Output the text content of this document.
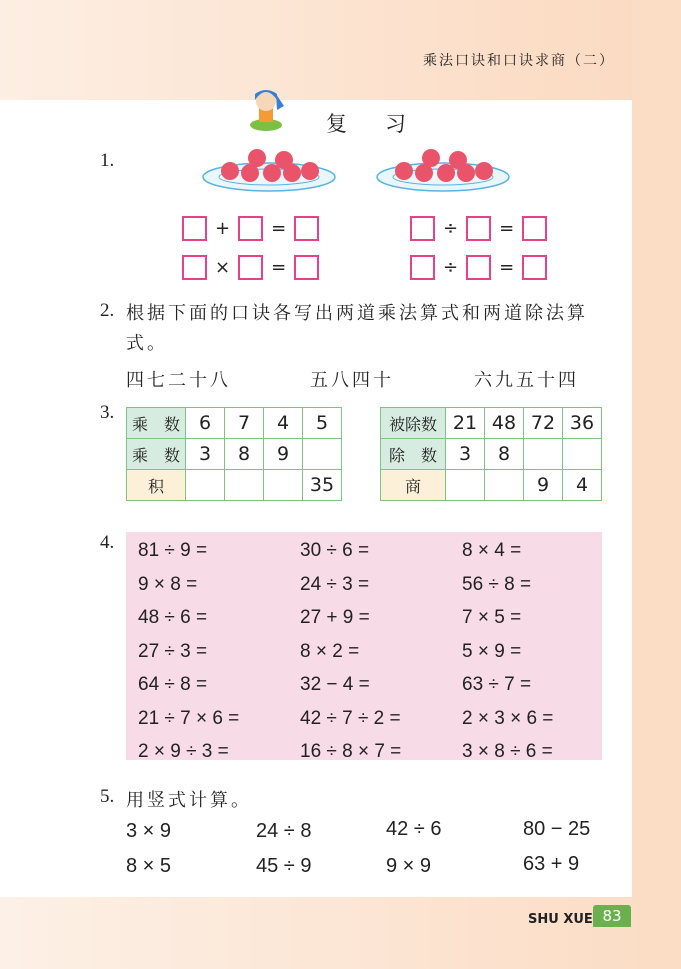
乘法口诀和口诀求商（二）
复习
1.
+ =
× =
÷ =
÷ =
2. 根据下面的口诀各写出两道乘法算式和两道除法算式。
四七二十八	五八四十	六九五十四
3.
乘　数	6	7	4	5
乘　数	3	8	9	
积				35
被除数	21	48	72	36
除　数	3	8		
商			9	4
4. 81 ÷ 9 =	30 ÷ 6 =	8 × 4 =
9 × 8 =	24 ÷ 3 =	56 ÷ 8 =
48 ÷ 6 =	27 + 9 =	7 × 5 =
27 ÷ 3 =	8 × 2 =	5 × 9 =
64 ÷ 8 =	32 − 4 =	63 ÷ 7 =
21 ÷ 7 × 6 =	42 ÷ 7 ÷ 2 =	2 × 3 × 6 =
2 × 9 ÷ 3 =	16 ÷ 8 × 7 =	3 × 8 ÷ 6 =
5. 用竖式计算。
3 × 9	24 ÷ 8	42 ÷ 6	80 − 25
8 × 5	45 ÷ 9	9 × 9	63 + 9
SHU XUE 83
